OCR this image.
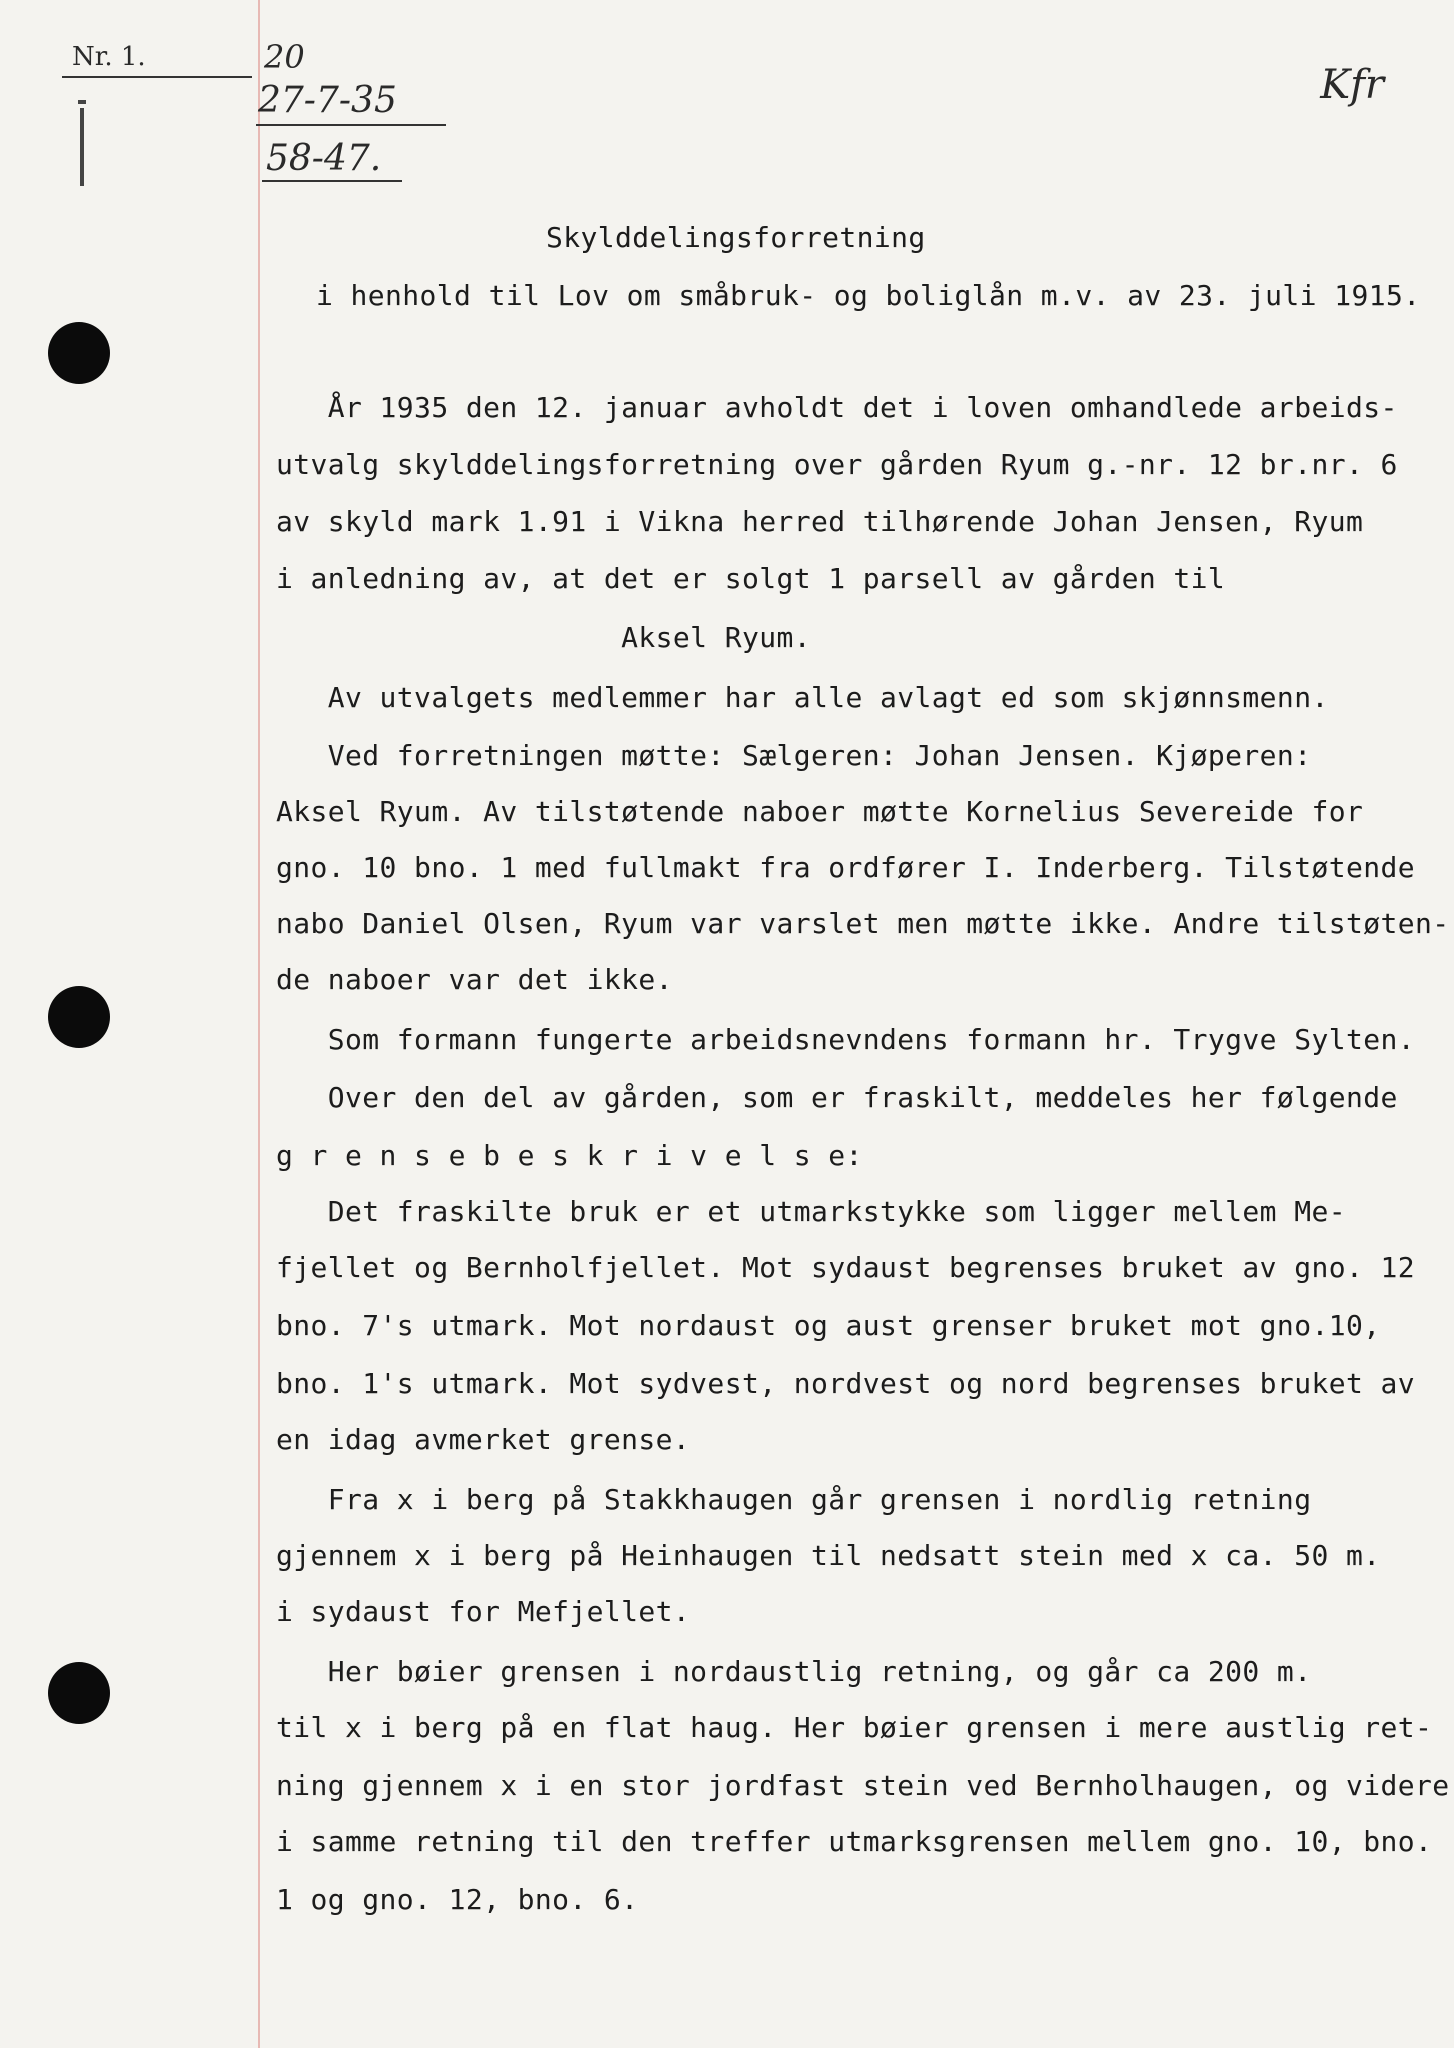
Nr. 1.	20
27-7-35
58-47.
Kfr
Skylddelingsforretning
i henhold til Lov om småbruk- og boliglån m.v. av 23. juli 1915.
År 1935 den 12. januar avholdt det i loven omhandlede arbeids-
utvalg skylddelingsforretning over gården Ryum g.-nr. 12 br.nr. 6
av skyld mark 1.91 i Vikna herred tilhørende Johan Jensen, Ryum
i anledning av, at det er solgt 1 parsell av gården til
Aksel Ryum.
Av utvalgets medlemmer har alle avlagt ed som skjønnsmenn.
Ved forretningen møtte: Sælgeren: Johan Jensen. Kjøperen:
Aksel Ryum. Av tilstøtende naboer møtte Kornelius Severeide for
gno. 10 bno. 1 med fullmakt fra ordfører I. Inderberg. Tilstøtende
nabo Daniel Olsen, Ryum var varslet men møtte ikke. Andre tilstøten-
de naboer var det ikke.
Som formann fungerte arbeidsnevndens formann hr. Trygve Sylten.
Over den del av gården, som er fraskilt, meddeles her følgende
g r e n s e b e s k r i v e l s e:
Det fraskilte bruk er et utmarkstykke som ligger mellem Me-
fjellet og Bernholfjellet. Mot sydaust begrenses bruket av gno. 12
bno. 7's utmark. Mot nordaust og aust grenser bruket mot gno.10,
bno. 1's utmark. Mot sydvest, nordvest og nord begrenses bruket av
en idag avmerket grense.
Fra x i berg på Stakkhaugen går grensen i nordlig retning
gjennem x i berg på Heinhaugen til nedsatt stein med x ca. 50 m.
i sydaust for Mefjellet.
Her bøier grensen i nordaustlig retning, og går ca 200 m.
til x i berg på en flat haug. Her bøier grensen i mere austlig ret-
ning gjennem x i en stor jordfast stein ved Bernholhaugen, og videre
i samme retning til den treffer utmarksgrensen mellem gno. 10, bno.
1 og gno. 12, bno. 6.
